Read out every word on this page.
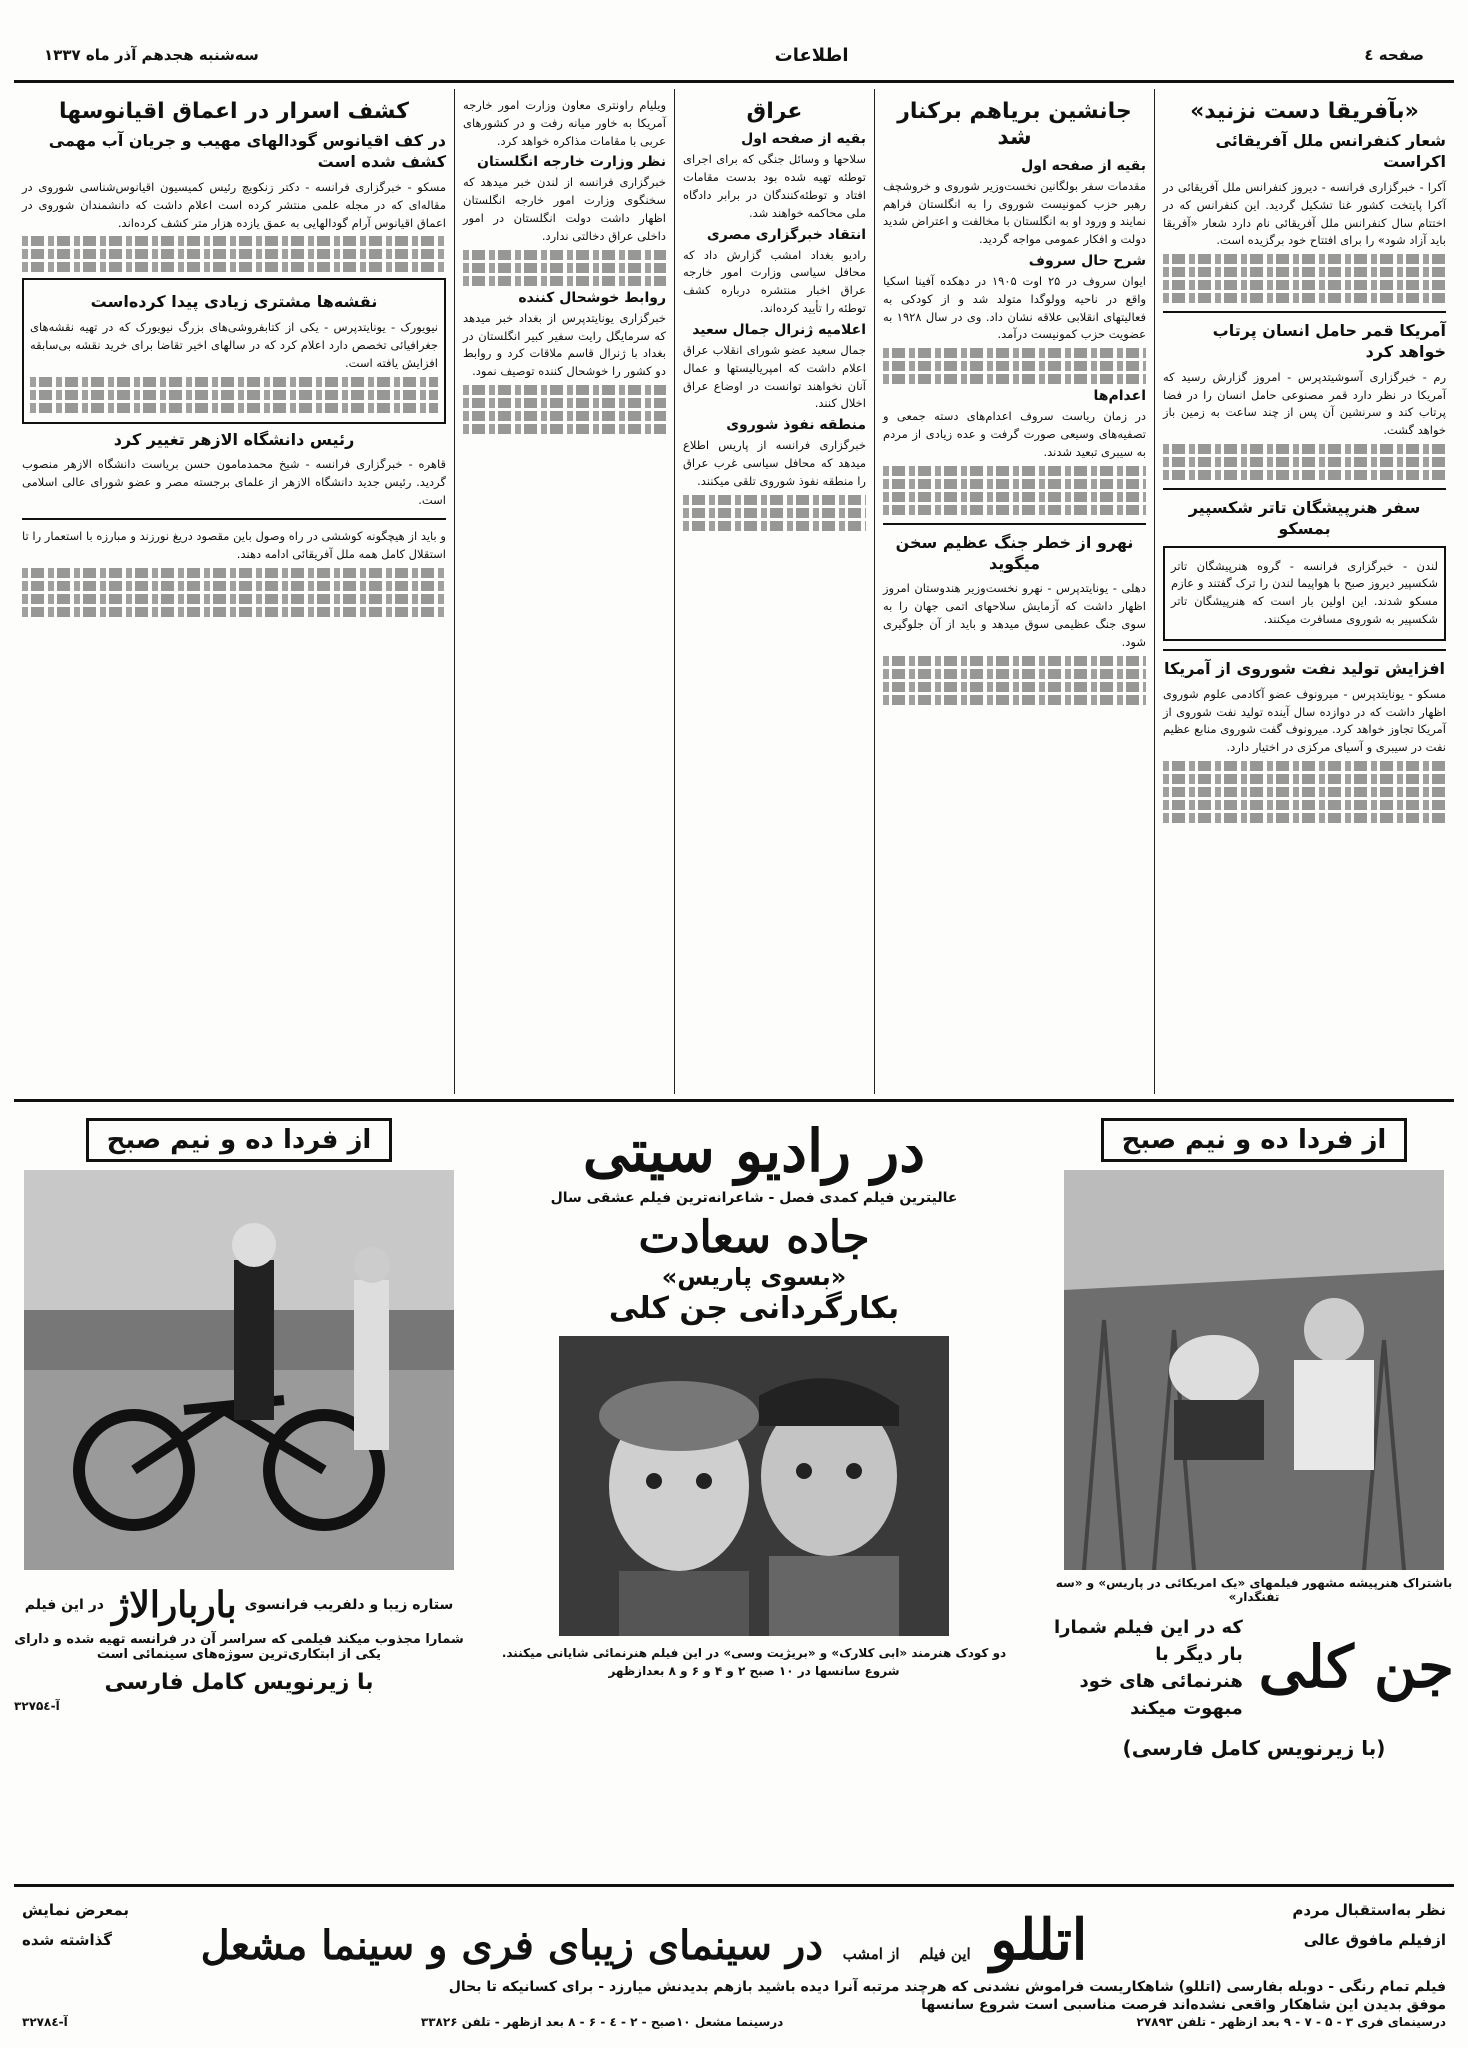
صفحه ٤
اطلاعات
سه‌شنبه هجدهم آذر ماه ۱۳۳۷
«بآفریقا دست نزنید»
شعار کنفرانس ملل آفریقائی اکراست

آکرا - خبرگزاری فرانسه - دیروز کنفرانس ملل آفریقائی در آکرا پایتخت کشور غنا تشکیل گردید. این کنفرانس که در اختتام سال کنفرانس ملل آفریقائی نام دارد شعار «آفریقا باید آزاد شود» را برای افتتاح خود برگزیده است.

آمریکا قمر حامل انسان پرتاب خواهد کرد

رم - خبرگزاری آسوشیتدپرس - امروز گزارش رسید که آمریکا در نظر دارد قمر مصنوعی حامل انسان را در فضا پرتاب کند و سرنشین آن پس از چند ساعت به زمین باز خواهد گشت.

سفر هنرپیشگان تاتر شکسپیر بمسکو

لندن - خبرگزاری فرانسه - گروه هنرپیشگان تاتر شکسپیر دیروز صبح با هواپیما لندن را ترک گفتند و عازم مسکو شدند. این اولین بار است که هنرپیشگان تاتر شکسپیر به شوروی مسافرت میکنند.

افزایش تولید نفت شوروی از آمریکا

مسکو - یونایتدپرس - میرونوف عضو آکادمی علوم شوروی اظهار داشت که در دوازده سال آینده تولید نفت شوروی از آمریکا تجاوز خواهد کرد. میرونوف گفت شوروی منابع عظیم نفت در سیبری و آسیای مرکزی در اختیار دارد.

جانشین بریاهم برکنار شد
بقیه از صفحه اول

مقدمات سفر بولگانین نخست‌وزیر شوروی و خروشچف رهبر حزب کمونیست شوروی را به انگلستان فراهم نمایند و ورود او به انگلستان با مخالفت و اعتراض شدید دولت و افکار عمومی مواجه گردید.

شرح حال سروف

ایوان سروف در ۲۵ اوت ۱۹۰۵ در دهکده آفینا اسکیا واقع در ناحیه وولوگدا متولد شد و از کودکی به فعالیتهای انقلابی علاقه نشان داد. وی در سال ۱۹۲۸ به عضویت حزب کمونیست درآمد.

اعدام‌ها

در زمان ریاست سروف اعدام‌های دسته جمعی و تصفیه‌های وسیعی صورت گرفت و عده زیادی از مردم به سیبری تبعید شدند.

نهرو از خطر جنگ عظیم سخن میگوید

دهلی - یونایتدپرس - نهرو نخست‌وزیر هندوستان امروز اظهار داشت که آزمایش سلاحهای اتمی جهان را به سوی جنگ عظیمی سوق میدهد و باید از آن جلوگیری شود.

عراق
بقیه از صفحه اول

سلاحها و وسائل جنگی که برای اجرای توطئه تهیه شده بود بدست مقامات افتاد و توطئه‌کنندگان در برابر دادگاه ملی محاکمه خواهند شد.

انتقاد خبرگزاری مصری

رادیو بغداد امشب گزارش داد که محافل سیاسی وزارت امور خارجه عراق اخبار منتشره درباره کشف توطئه را تأیید کرده‌اند.

اعلامیه ژنرال جمال سعید

جمال سعید عضو شورای انقلاب عراق اعلام داشت که امپریالیستها و عمال آنان نخواهند توانست در اوضاع عراق اخلال کنند.

منطقه نفوذ شوروی

خبرگزاری فرانسه از پاریس اطلاع میدهد که محافل سیاسی غرب عراق را منطقه نفوذ شوروی تلقی میکنند.

ویلیام راونتری معاون وزارت امور خارجه آمریکا به خاور میانه رفت و در کشورهای عربی با مقامات مذاکره خواهد کرد.

نظر وزارت خارجه انگلستان

خبرگزاری فرانسه از لندن خبر میدهد که سخنگوی وزارت امور خارجه انگلستان اظهار داشت دولت انگلستان در امور داخلی عراق دخالتی ندارد.

روابط خوشحال کننده

خبرگزاری یونایتدپرس از بغداد خبر میدهد که سرمایگل رایت سفیر کبیر انگلستان در بغداد با ژنرال قاسم ملاقات کرد و روابط دو کشور را خوشحال کننده توصیف نمود.

کشف اسرار در اعماق اقیانوسها
در کف اقیانوس گودالهای مهیب و جریان آب مهمی کشف شده است

مسکو - خبرگزاری فرانسه - دکتر زنکویچ رئیس کمیسیون اقیانوس‌شناسی شوروی در مقاله‌ای که در مجله علمی منتشر کرده است اعلام داشت که دانشمندان شوروی در اعماق اقیانوس آرام گودالهایی به عمق یازده هزار متر کشف کرده‌اند.

نقشه‌ها مشتری زیادی پیدا کرده‌است

نیویورک - یونایتدپرس - یکی از کتابفروشی‌های بزرگ نیویورک که در تهیه نقشه‌های جغرافیائی تخصص دارد اعلام کرد که در سالهای اخیر تقاضا برای خرید نقشه بی‌سابقه افزایش یافته است.

رئیس دانشگاه الازهر تغییر کرد

قاهره - خبرگزاری فرانسه - شیخ محمدمامون حسن بریاست دانشگاه الازهر منصوب گردید. رئیس جدید دانشگاه الازهر از علمای برجسته مصر و عضو شورای عالی اسلامی است.

و باید از هیچگونه کوششی در راه وصول باین مقصود دریغ نورزند و مبارزه با استعمار را تا استقلال کامل همه ملل آفریقائی ادامه دهند.

از فردا ده و نیم صبح
باشتراک هنرپیشه مشهور فیلمهای «یک امریکائی در پاریس» و «سه تفنگدار»
جن کلی
که در این فیلم شمارا
بار دیگر با
هنرنمائی های خود
مبهوت میکند
(با زیرنویس کامل فارسی)
در رادیو سیتی
عالیترین فیلم کمدی فصل - شاعرانه‌ترین فیلم عشقی سال
جاده سعادت
«بسوی پاریس»
بکارگردانی جن کلی
دو کودک هنرمند «ابی کلارک» و «بریژیت وسی» در این فیلم هنرنمائی شایانی میکنند.
شروع سانسها در ۱۰ صبح ۲ و ۴ و ۶ و ۸ بعدازظهر
از فردا ده و نیم صبح
ستاره زیبا و دلفریب فرانسوی
باربارالاژ
در این فیلم
شمارا مجذوب میکند فیلمی که سراسر آن در فرانسه تهیه شده و دارای
یکی از ابتکاری‌ترین سوژه‌های سینمائی است
با زیرنویس کامل فارسی
آ-۳۲۷۵٤
نظر به‌استقبال مردم
ازفیلم مافوق عالی
اتللو این فیلم از امشب در سینمای زیبای فری و سینما مشعل
بمعرض نمایش
گذاشته شده

فیلم تمام رنگی - دوبله بفارسی (اتللو) شاهکاریست فراموش نشدنی که هرچند مرتبه آنرا دیده باشید بازهم بدیدنش میارزد - برای کسانیکه تا بحال

موفق بدیدن این شاهکار واقعی نشده‌اند فرصت مناسبی است شروع سانسها

درسینمای فری ۳ - ۵ - ۷ - ۹ بعد ازظهر - تلفن ۲۷۸۹۳
درسینما مشعل ۱۰صبح - ۲ - ٤ - ۶ - ۸ بعد ازظهر - تلفن ۳۳۸۲۶
آ-۳۲۷۸٤
